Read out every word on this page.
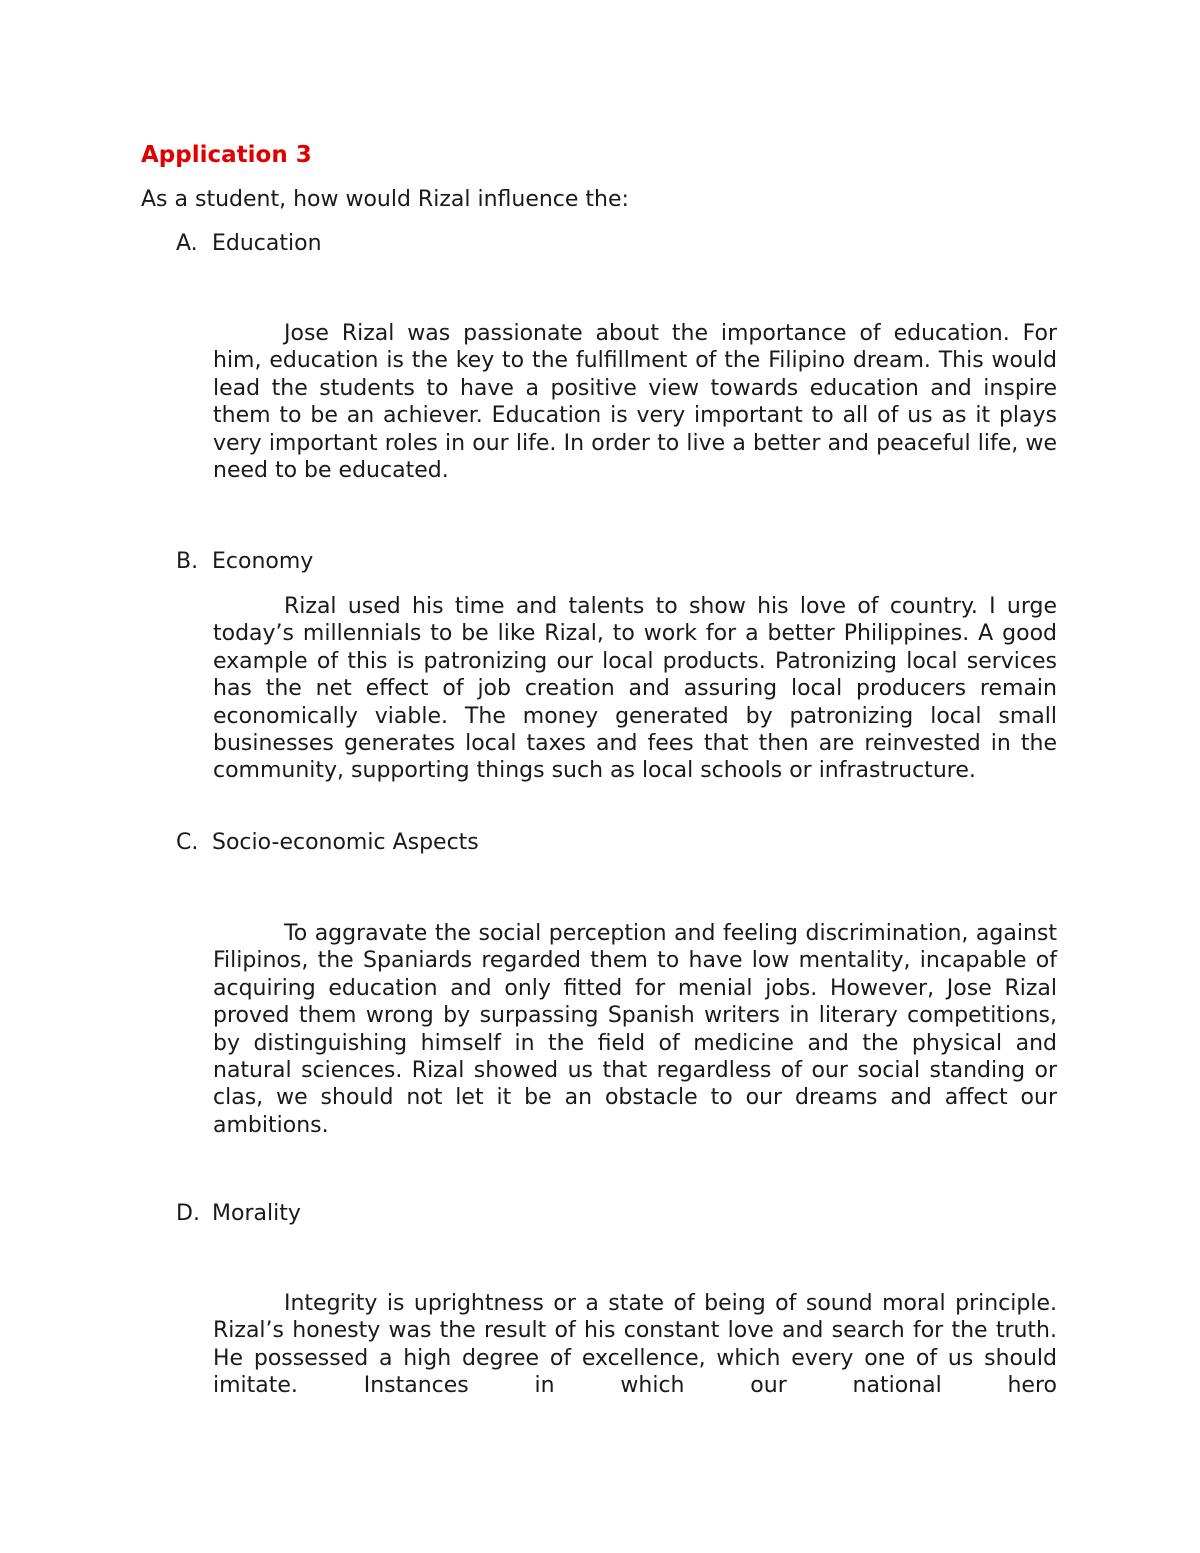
Application 3

As a student, how would Rizal influence the:

A. Education

Jose Rizal was passionate about the importance of education. For him, education is the key to the fulfillment of the Filipino dream. This would lead the students to have a positive view towards education and inspire them to be an achiever. Education is very important to all of us as it plays very important roles in our life. In order to live a better and peaceful life, we need to be educated.

B. Economy

Rizal used his time and talents to show his love of country. I urge today’s millennials to be like Rizal, to work for a better Philippines. A good example of this is patronizing our local products. Patronizing local services has the net effect of job creation and assuring local producers remain economically viable. The money generated by patronizing local small businesses generates local taxes and fees that then are reinvested in the community, supporting things such as local schools or infrastructure.

C. Socio-economic Aspects

To aggravate the social perception and feeling discrimination, against Filipinos, the Spaniards regarded them to have low mentality, incapable of acquiring education and only fitted for menial jobs. However, Jose Rizal proved them wrong by surpassing Spanish writers in literary competitions, by distinguishing himself in the field of medicine and the physical and natural sciences. Rizal showed us that regardless of our social standing or clas, we should not let it be an obstacle to our dreams and affect our ambitions.

D. Morality

Integrity is uprightness or a state of being of sound moral principle. Rizal’s honesty was the result of his constant love and search for the truth. He possessed a high degree of excellence, which every one of us should imitate. Instances in which our national hero
